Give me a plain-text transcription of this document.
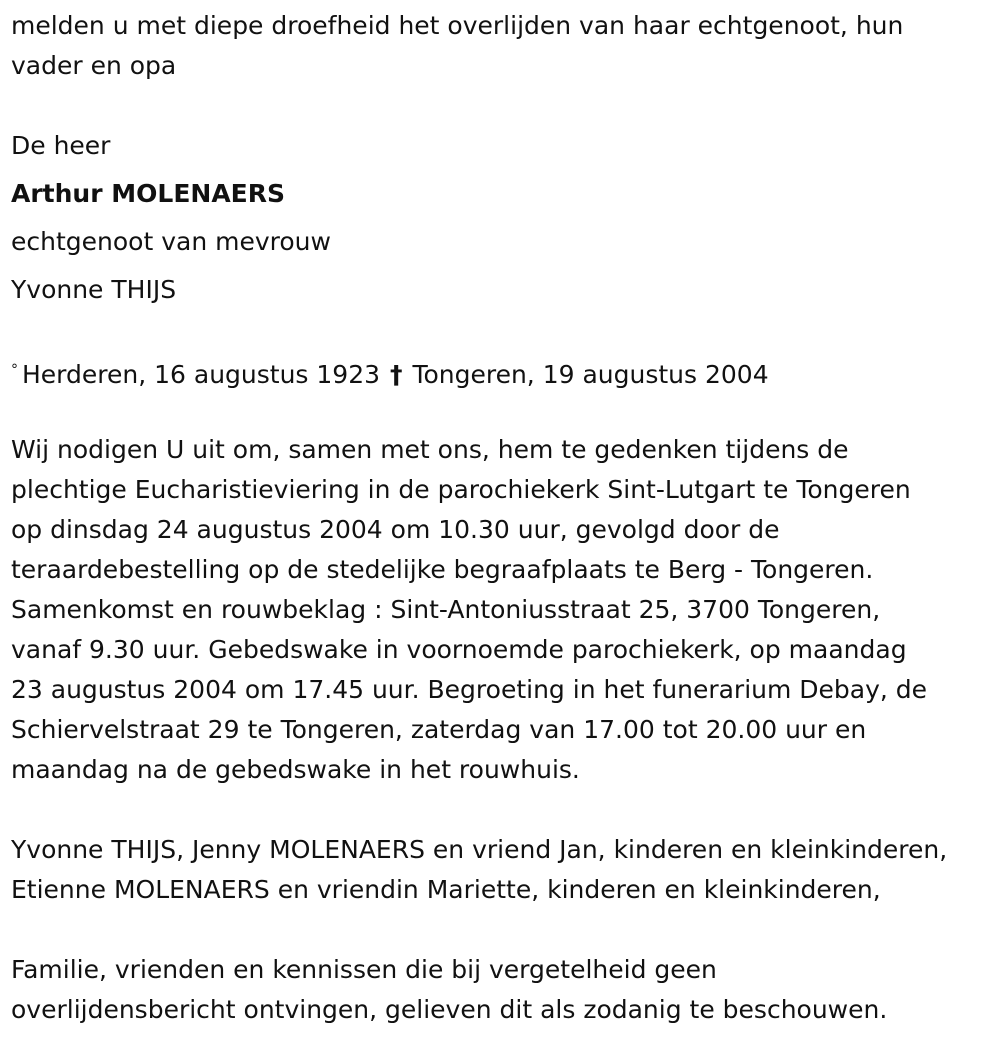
melden u met diepe droefheid het overlijden van haar echtgenoot, hun

vader en opa

De heer

Arthur MOLENAERS

echtgenoot van mevrouw

Yvonne THIJS

° Herderen, 16 augustus 1923 † Tongeren, 19 augustus 2004

Wij nodigen U uit om, samen met ons, hem te gedenken tijdens de

plechtige Eucharistieviering in de parochiekerk Sint-Lutgart te Tongeren

op dinsdag 24 augustus 2004 om 10.30 uur, gevolgd door de

teraardebestelling op de stedelijke begraafplaats te Berg - Tongeren.

Samenkomst en rouwbeklag : Sint-Antoniusstraat 25, 3700 Tongeren,

vanaf 9.30 uur. Gebedswake in voornoemde parochiekerk, op maandag

23 augustus 2004 om 17.45 uur. Begroeting in het funerarium Debay, de

Schiervelstraat 29 te Tongeren, zaterdag van 17.00 tot 20.00 uur en

maandag na de gebedswake in het rouwhuis.

Yvonne THIJS, Jenny MOLENAERS en vriend Jan, kinderen en kleinkinderen,

Etienne MOLENAERS en vriendin Mariette, kinderen en kleinkinderen,

Familie, vrienden en kennissen die bij vergetelheid geen

overlijdensbericht ontvingen, gelieven dit als zodanig te beschouwen.
